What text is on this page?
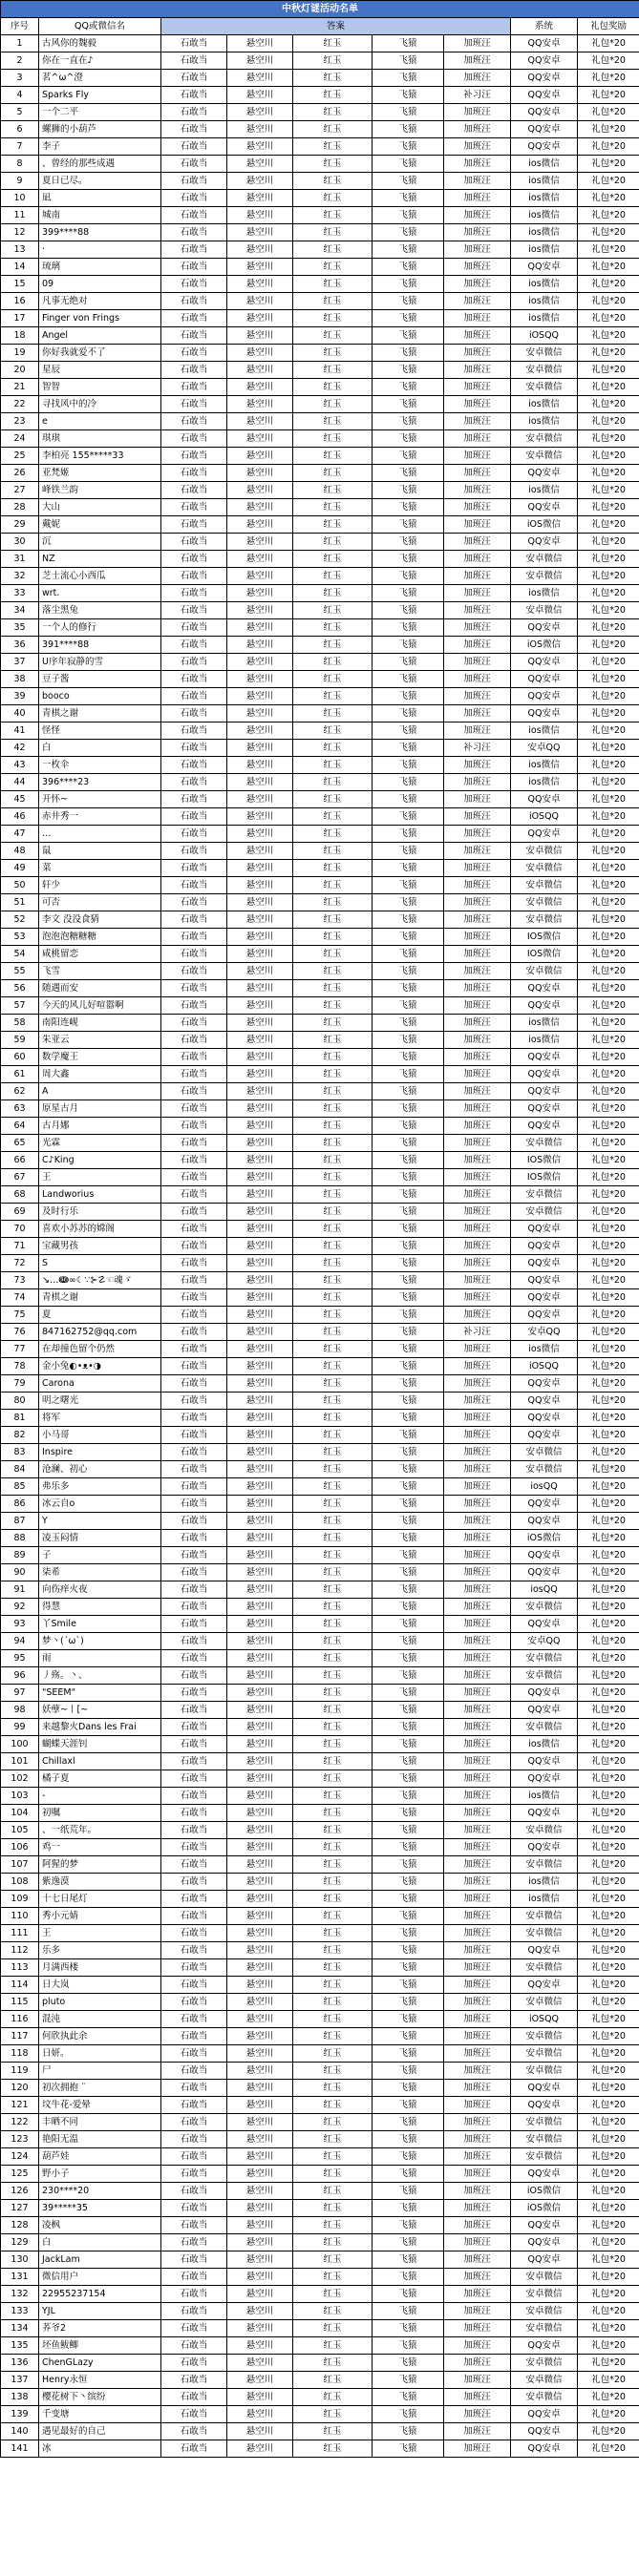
中秋灯谜活动名单								
序号	QQ或微信名	答案					系统	礼包奖励
1	古风你的魏毅	石敢当	悬空川	红玉	飞猿	加班汪	QQ安卓	礼包*20
2	你在一直在♪	石敢当	悬空川	红玉	飞猿	加班汪	QQ安卓	礼包*20
3	茗^ω^澄	石敢当	悬空川	红玉	飞猿	加班汪	QQ安卓	礼包*20
4	Sparks Fly	石敢当	悬空川	红玉	飞猿	补习汪	QQ安卓	礼包*20
5	一个二平	石敢当	悬空川	红玉	飞猿	加班汪	QQ安卓	礼包*20
6	螺狮的小葫芦	石敢当	悬空川	红玉	飞猿	加班汪	QQ安卓	礼包*20
7	李子	石敢当	悬空川	红玉	飞猿	加班汪	QQ安卓	礼包*20
8	、曾经的那些成遇	石敢当	悬空川	红玉	飞猿	加班汪	ios微信	礼包*20
9	夏日已尽。	石敢当	悬空川	红玉	飞猿	加班汪	ios微信	礼包*20
10	凪	石敢当	悬空川	红玉	飞猿	加班汪	ios微信	礼包*20
11	城南	石敢当	悬空川	红玉	飞猿	加班汪	ios微信	礼包*20
12	399****88	石敢当	悬空川	红玉	飞猿	加班汪	ios微信	礼包*20
13	·	石敢当	悬空川	红玉	飞猿	加班汪	ios微信	礼包*20
14	琉璃	石敢当	悬空川	红玉	飞猿	加班汪	QQ安卓	礼包*20
15	09	石敢当	悬空川	红玉	飞猿	加班汪	ios微信	礼包*20
16	凡事无绝对	石敢当	悬空川	红玉	飞猿	加班汪	ios微信	礼包*20
17	Finger von Frings	石敢当	悬空川	红玉	飞猿	加班汪	ios微信	礼包*20
18	Angel	石敢当	悬空川	红玉	飞猿	加班汪	iOSQQ	礼包*20
19	你好我就爱不了	石敢当	悬空川	红玉	飞猿	加班汪	安卓微信	礼包*20
20	星辰	石敢当	悬空川	红玉	飞猿	加班汪	安卓微信	礼包*20
21	智智	石敢当	悬空川	红玉	飞猿	加班汪	安卓微信	礼包*20
22	寻找风中的冷	石敢当	悬空川	红玉	飞猿	加班汪	ios微信	礼包*20
23	e	石敢当	悬空川	红玉	飞猿	加班汪	ios微信	礼包*20
24	琪琪	石敢当	悬空川	红玉	飞猿	加班汪	安卓微信	礼包*20
25	李柏亮 155*****33	石敢当	悬空川	红玉	飞猿	加班汪	安卓微信	礼包*20
26	亚梵姬	石敢当	悬空川	红玉	飞猿	加班汪	QQ安卓	礼包*20
27	峰铁兰韵	石敢当	悬空川	红玉	飞猿	加班汪	ios微信	礼包*20
28	大山	石敢当	悬空川	红玉	飞猿	加班汪	QQ安卓	礼包*20
29	戴妮	石敢当	悬空川	红玉	飞猿	加班汪	iOS微信	礼包*20
30	沉	石敢当	悬空川	红玉	飞猿	加班汪	QQ安卓	礼包*20
31	NZ	石敢当	悬空川	红玉	飞猿	加班汪	安卓微信	礼包*20
32	芝士流心小西瓜	石敢当	悬空川	红玉	飞猿	加班汪	安卓微信	礼包*20
33	wrt.	石敢当	悬空川	红玉	飞猿	加班汪	ios微信	礼包*20
34	落尘黑兔	石敢当	悬空川	红玉	飞猿	加班汪	安卓微信	礼包*20
35	一个人的修行	石敢当	悬空川	红玉	飞猿	加班汪	QQ安卓	礼包*20
36	391****88	石敢当	悬空川	红玉	飞猿	加班汪	iOS微信	礼包*20
37	U序年寂静的雪	石敢当	悬空川	红玉	飞猿	加班汪	QQ安卓	礼包*20
38	豆子酱	石敢当	悬空川	红玉	飞猿	加班汪	QQ安卓	礼包*20
39	booco	石敢当	悬空川	红玉	飞猿	加班汪	QQ安卓	礼包*20
40	青棋之谢	石敢当	悬空川	红玉	飞猿	加班汪	QQ安卓	礼包*20
41	怪怪	石敢当	悬空川	红玉	飞猿	加班汪	ios微信	礼包*20
42	白	石敢当	悬空川	红玉	飞猿	补习汪	安卓QQ	礼包*20
43	一枚伞	石敢当	悬空川	红玉	飞猿	加班汪	ios微信	礼包*20
44	396****23	石敢当	悬空川	红玉	飞猿	加班汪	ios微信	礼包*20
45	开怀~	石敢当	悬空川	红玉	飞猿	加班汪	QQ安卓	礼包*20
46	赤井秀一	石敢当	悬空川	红玉	飞猿	加班汪	iOSQQ	礼包*20
47	…	石敢当	悬空川	红玉	飞猿	加班汪	QQ安卓	礼包*20
48	鼠	石敢当	悬空川	红玉	飞猿	加班汪	安卓微信	礼包*20
49	菜	石敢当	悬空川	红玉	飞猿	加班汪	安卓微信	礼包*20
50	轩少	石敢当	悬空川	红玉	飞猿	加班汪	安卓微信	礼包*20
51	可否	石敢当	悬空川	红玉	飞猿	加班汪	安卓微信	礼包*20
52	李文 没没食猜	石敢当	悬空川	红玉	飞猿	加班汪	安卓微信	礼包*20
53	泡泡泡糖糖糖	石敢当	悬空川	红玉	飞猿	加班汪	IOS微信	礼包*20
54	咸桃留恋	石敢当	悬空川	红玉	飞猿	加班汪	IOS微信	礼包*20
55	飞雪	石敢当	悬空川	红玉	飞猿	加班汪	安卓微信	礼包*20
56	随遇而安	石敢当	悬空川	红玉	飞猿	加班汪	QQ安卓	礼包*20
57	今天的风儿好喧嚣啊	石敢当	悬空川	红玉	飞猿	加班汪	QQ安卓	礼包*20
58	南阳连岘	石敢当	悬空川	红玉	飞猿	加班汪	ios微信	礼包*20
59	朱亚云	石敢当	悬空川	红玉	飞猿	加班汪	ios微信	礼包*20
60	数学魔王	石敢当	悬空川	红玉	飞猿	加班汪	QQ安卓	礼包*20
61	周大鑫	石敢当	悬空川	红玉	飞猿	加班汪	QQ安卓	礼包*20
62	A	石敢当	悬空川	红玉	飞猿	加班汪	QQ安卓	礼包*20
63	原星古月	石敢当	悬空川	红玉	飞猿	加班汪	QQ安卓	礼包*20
64	古月娜	石敢当	悬空川	红玉	飞猿	加班汪	QQ安卓	礼包*20
65	光霖	石敢当	悬空川	红玉	飞猿	加班汪	安卓微信	礼包*20
66	C♪King	石敢当	悬空川	红玉	飞猿	加班汪	IOS微信	礼包*20
67	王	石敢当	悬空川	红玉	飞猿	加班汪	IOS微信	礼包*20
68	Landworius	石敢当	悬空川	红玉	飞猿	加班汪	安卓微信	礼包*20
69	及时行乐	石敢当	悬空川	红玉	飞猿	加班汪	安卓微信	礼包*20
70	喜欢小苏苏的嫦阁	石敢当	悬空川	红玉	飞猿	加班汪	QQ安卓	礼包*20
71	宝藏男孩	石敢当	悬空川	红玉	飞猿	加班汪	QQ安卓	礼包*20
72	S	石敢当	悬空川	红玉	飞猿	加班汪	QQ安卓	礼包*20
73	↘…ↈ∞☾∵⊱☡☜魂ゞ	石敢当	悬空川	红玉	飞猿	加班汪	QQ安卓	礼包*20
74	青棋之谢	石敢当	悬空川	红玉	飞猿	加班汪	QQ安卓	礼包*20
75	夏	石敢当	悬空川	红玉	飞猿	加班汪	QQ安卓	礼包*20
76	847162752@qq.com	石敢当	悬空川	红玉	飞猿	补习汪	安卓QQ	礼包*20
77	在却撞色留个仍然	石敢当	悬空川	红玉	飞猿	加班汪	ios微信	礼包*20
78	金小兔◐•ᴥ•◑	石敢当	悬空川	红玉	飞猿	加班汪	iOSQQ	礼包*20
79	Carona	石敢当	悬空川	红玉	飞猿	加班汪	QQ安卓	礼包*20
80	明之曙光	石敢当	悬空川	红玉	飞猿	加班汪	QQ安卓	礼包*20
81	将军	石敢当	悬空川	红玉	飞猿	加班汪	QQ安卓	礼包*20
82	小马哥	石敢当	悬空川	红玉	飞猿	加班汪	QQ安卓	礼包*20
83	Inspire	石敢当	悬空川	红玉	飞猿	加班汪	安卓微信	礼包*20
84	沧澜、初心	石敢当	悬空川	红玉	飞猿	加班汪	安卓微信	礼包*20
85	弗乐多	石敢当	悬空川	红玉	飞猿	加班汪	iosQQ	礼包*20
86	冰云自o	石敢当	悬空川	红玉	飞猿	加班汪	QQ安卓	礼包*20
87	Y	石敢当	悬空川	红玉	飞猿	加班汪	QQ安卓	礼包*20
88	凌玉闷情	石敢当	悬空川	红玉	飞猿	加班汪	iOS微信	礼包*20
89	子	石敢当	悬空川	红玉	飞猿	加班汪	QQ安卓	礼包*20
90	柒希	石敢当	悬空川	红玉	飞猿	加班汪	QQ安卓	礼包*20
91	向伤痒火夜	石敢当	悬空川	红玉	飞猿	加班汪	iosQQ	礼包*20
92	得慧	石敢当	悬空川	红玉	飞猿	加班汪	安卓微信	礼包*20
93	丫Smile	石敢当	悬空川	红玉	飞猿	加班汪	QQ安卓	礼包*20
94	梦丶(ˊωˋ)	石敢当	悬空川	红玉	飞猿	加班汪	安卓QQ	礼包*20
95	雨	石敢当	悬空川	红玉	飞猿	加班汪	安卓微信	礼包*20
96	丿殇。丶、	石敢当	悬空川	红玉	飞猿	加班汪	安卓微信	礼包*20
97	"SEEM"	石敢当	悬空川	红玉	飞猿	加班汪	QQ安卓	礼包*20
98	妖孽~丨[~	石敢当	悬空川	红玉	飞猿	加班汪	QQ安卓	礼包*20
99	来越黎火Dans les Frai	石敢当	悬空川	红玉	飞猿	加班汪	安卓微信	礼包*20
100	蝴蝶天涯钊	石敢当	悬空川	红玉	飞猿	加班汪	ios微信	礼包*20
101	Chillaxl	石敢当	悬空川	红玉	飞猿	加班汪	QQ安卓	礼包*20
102	橘子夏	石敢当	悬空川	红玉	飞猿	加班汪	QQ安卓	礼包*20
103	-	石敢当	悬空川	红玉	飞猿	加班汪	ios微信	礼包*20
104	初嘱	石敢当	悬空川	红玉	飞猿	加班汪	QQ安卓	礼包*20
105	、一纸荒年。	石敢当	悬空川	红玉	飞猿	加班汪	安卓微信	礼包*20
106	鸡一	石敢当	悬空川	红玉	飞猿	加班汪	QQ安卓	礼包*20
107	阿猩的梦	石敢当	悬空川	红玉	飞猿	加班汪	安卓微信	礼包*20
108	紫逸漠	石敢当	悬空川	红玉	飞猿	加班汪	ios微信	礼包*20
109	十七日尾灯	石敢当	悬空川	红玉	飞猿	加班汪	ios微信	礼包*20
110	秀小元婧	石敢当	悬空川	红玉	飞猿	加班汪	安卓微信	礼包*20
111	王	石敢当	悬空川	红玉	飞猿	加班汪	安卓微信	礼包*20
112	乐多	石敢当	悬空川	红玉	飞猿	加班汪	QQ安卓	礼包*20
113	月满西楼	石敢当	悬空川	红玉	飞猿	加班汪	安卓微信	礼包*20
114	日大岚	石敢当	悬空川	红玉	飞猿	加班汪	QQ安卓	礼包*20
115	pluto	石敢当	悬空川	红玉	飞猿	加班汪	安卓微信	礼包*20
116	混沌	石敢当	悬空川	红玉	飞猿	加班汪	iOSQQ	礼包*20
117	何欣执此余	石敢当	悬空川	红玉	飞猿	加班汪	安卓微信	礼包*20
118	日妍。	石敢当	悬空川	红玉	飞猿	加班汪	安卓微信	礼包*20
119	尸	石敢当	悬空川	红玉	飞猿	加班汪	安卓微信	礼包*20
120	初次拥抱 ¨	石敢当	悬空川	红玉	飞猿	加班汪	QQ安卓	礼包*20
121	坟牛花-爱晕	石敢当	悬空川	红玉	飞猿	加班汪	QQ安卓	礼包*20
122	丰晒不同	石敢当	悬空川	红玉	飞猿	加班汪	安卓微信	礼包*20
123	艳阳无温	石敢当	悬空川	红玉	飞猿	加班汪	安卓微信	礼包*20
124	葫芦娃	石敢当	悬空川	红玉	飞猿	加班汪	安卓微信	礼包*20
125	野小子	石敢当	悬空川	红玉	飞猿	加班汪	QQ安卓	礼包*20
126	230****20	石敢当	悬空川	红玉	飞猿	加班汪	iOS微信	礼包*20
127	39*****35	石敢当	悬空川	红玉	飞猿	加班汪	iOS微信	礼包*20
128	凌枫	石敢当	悬空川	红玉	飞猿	加班汪	QQ安卓	礼包*20
129	白	石敢当	悬空川	红玉	飞猿	加班汪	QQ安卓	礼包*20
130	JackLam	石敢当	悬空川	红玉	飞猿	加班汪	QQ安卓	礼包*20
131	微信用户	石敢当	悬空川	红玉	飞猿	加班汪	安卓微信	礼包*20
132	22955237154	石敢当	悬空川	红玉	飞猿	加班汪	安卓微信	礼包*20
133	YJL	石敢当	悬空川	红玉	飞猿	加班汪	安卓微信	礼包*20
134	荞爷2	石敢当	悬空川	红玉	飞猿	加班汪	安卓微信	礼包*20
135	坯鱼鲅鲫	石敢当	悬空川	红玉	飞猿	加班汪	QQ安卓	礼包*20
136	ChenGLazy	石敢当	悬空川	红玉	飞猿	加班汪	安卓微信	礼包*20
137	Henry永恒	石敢当	悬空川	红玉	飞猿	加班汪	安卓微信	礼包*20
138	樱花树下丶缤纷	石敢当	悬空川	红玉	飞猿	加班汪	安卓微信	礼包*20
139	千变塘	石敢当	悬空川	红玉	飞猿	加班汪	QQ安卓	礼包*20
140	遇见最好的自己	石敢当	悬空川	红玉	飞猿	加班汪	QQ安卓	礼包*20
141	冰	石敢当	悬空川	红玉	飞猿	加班汪	QQ安卓	礼包*20
